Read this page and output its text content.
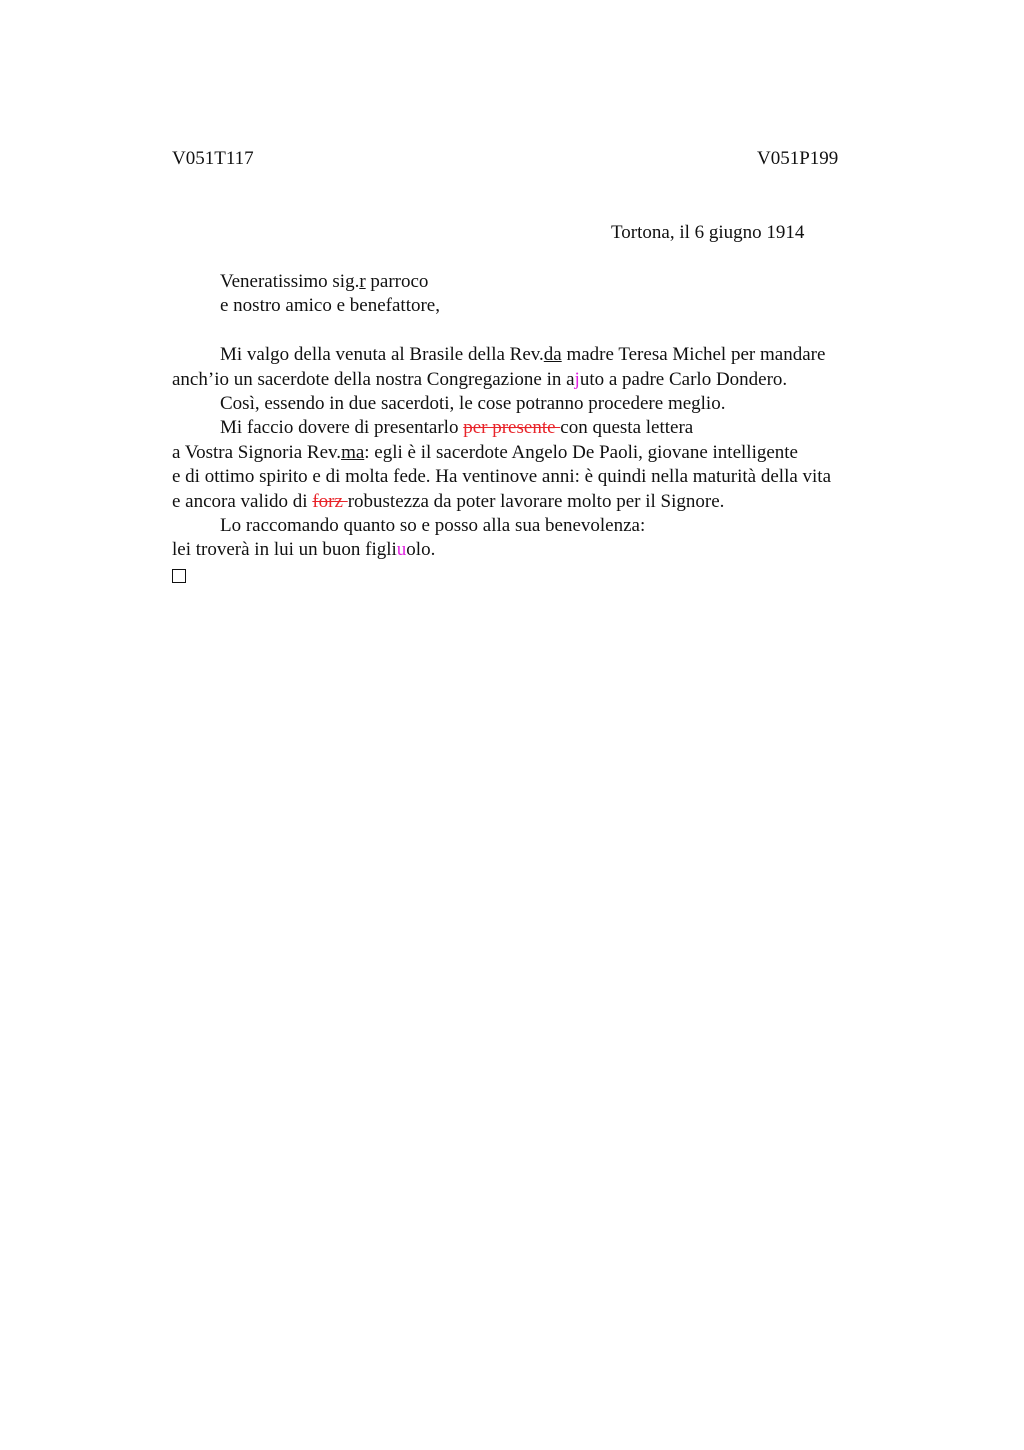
V051T117	V051P199
Tortona, il 6 giugno 1914
Veneratissimo sig.r parroco
e nostro amico e benefattore,
Mi valgo della venuta al Brasile della Rev.da madre Teresa Michel per mandare
anch’io un sacerdote della nostra Congregazione in ajuto a padre Carlo Dondero.
Così, essendo in due sacerdoti, le cose potranno procedere meglio.
Mi faccio dovere di presentarlo per presente con questa lettera
a Vostra Signoria Rev.ma: egli è il sacerdote Angelo De Paoli, giovane intelligente
e di ottimo spirito e di molta fede. Ha ventinove anni: è quindi nella maturità della vita
e ancora valido di forz robustezza da poter lavorare molto per il Signore.
Lo raccomando quanto so e posso alla sua benevolenza:
lei troverà in lui un buon figliuolo.
